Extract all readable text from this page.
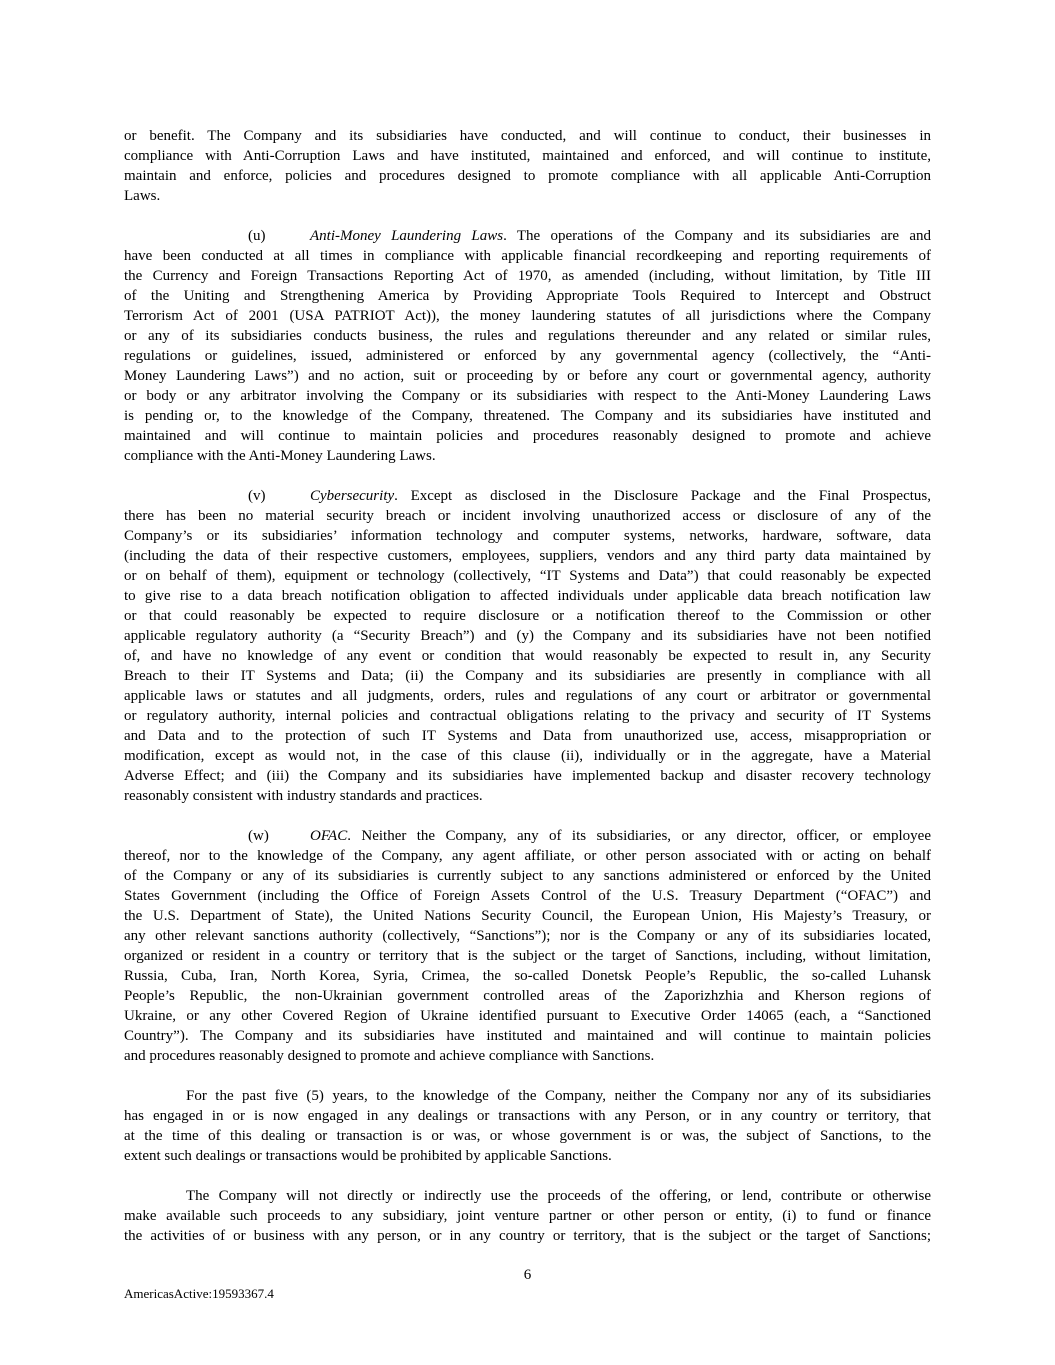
or benefit. The Company and its subsidiaries have conducted, and will continue to conduct, their businesses in
compliance with Anti-Corruption Laws and have instituted, maintained and enforced, and will continue to institute,
maintain and enforce, policies and procedures designed to promote compliance with all applicable Anti-Corruption
Laws.
(u)	Anti-Money Laundering Laws. The operations of the Company and its subsidiaries are and
have been conducted at all times in compliance with applicable financial recordkeeping and reporting requirements of
the Currency and Foreign Transactions Reporting Act of 1970, as amended (including, without limitation, by Title III
of the Uniting and Strengthening America by Providing Appropriate Tools Required to Intercept and Obstruct
Terrorism Act of 2001 (USA PATRIOT Act)), the money laundering statutes of all jurisdictions where the Company
or any of its subsidiaries conducts business, the rules and regulations thereunder and any related or similar rules,
regulations or guidelines, issued, administered or enforced by any governmental agency (collectively, the “Anti-
Money Laundering Laws”) and no action, suit or proceeding by or before any court or governmental agency, authority
or body or any arbitrator involving the Company or its subsidiaries with respect to the Anti-Money Laundering Laws
is pending or, to the knowledge of the Company, threatened. The Company and its subsidiaries have instituted and
maintained and will continue to maintain policies and procedures reasonably designed to promote and achieve
compliance with the Anti-Money Laundering Laws.
(v)	Cybersecurity. Except as disclosed in the Disclosure Package and the Final Prospectus,
there has been no material security breach or incident involving unauthorized access or disclosure of any of the
Company’s or its subsidiaries’ information technology and computer systems, networks, hardware, software, data
(including the data of their respective customers, employees, suppliers, vendors and any third party data maintained by
or on behalf of them), equipment or technology (collectively, “IT Systems and Data”) that could reasonably be expected
to give rise to a data breach notification obligation to affected individuals under applicable data breach notification law
or that could reasonably be expected to require disclosure or a notification thereof to the Commission or other
applicable regulatory authority (a “Security Breach”) and (y) the Company and its subsidiaries have not been notified
of, and have no knowledge of any event or condition that would reasonably be expected to result in, any Security
Breach to their IT Systems and Data; (ii) the Company and its subsidiaries are presently in compliance with all
applicable laws or statutes and all judgments, orders, rules and regulations of any court or arbitrator or governmental
or regulatory authority, internal policies and contractual obligations relating to the privacy and security of IT Systems
and Data and to the protection of such IT Systems and Data from unauthorized use, access, misappropriation or
modification, except as would not, in the case of this clause (ii), individually or in the aggregate, have a Material
Adverse Effect; and (iii) the Company and its subsidiaries have implemented backup and disaster recovery technology
reasonably consistent with industry standards and practices.
(w)	OFAC. Neither the Company, any of its subsidiaries, or any director, officer, or employee
thereof, nor to the knowledge of the Company, any agent affiliate, or other person associated with or acting on behalf
of the Company or any of its subsidiaries is currently subject to any sanctions administered or enforced by the United
States Government (including the Office of Foreign Assets Control of the U.S. Treasury Department (“OFAC”) and
the U.S. Department of State), the United Nations Security Council, the European Union, His Majesty’s Treasury, or
any other relevant sanctions authority (collectively, “Sanctions”); nor is the Company or any of its subsidiaries located,
organized or resident in a country or territory that is the subject or the target of Sanctions, including, without limitation,
Russia, Cuba, Iran, North Korea, Syria, Crimea, the so-called Donetsk People’s Republic, the so-called Luhansk
People’s Republic, the non-Ukrainian government controlled areas of the Zaporizhzhia and Kherson regions of
Ukraine, or any other Covered Region of Ukraine identified pursuant to Executive Order 14065 (each, a “Sanctioned
Country”). The Company and its subsidiaries have instituted and maintained and will continue to maintain policies
and procedures reasonably designed to promote and achieve compliance with Sanctions.
For the past five (5) years, to the knowledge of the Company, neither the Company nor any of its subsidiaries
has engaged in or is now engaged in any dealings or transactions with any Person, or in any country or territory, that
at the time of this dealing or transaction is or was, or whose government is or was, the subject of Sanctions, to the
extent such dealings or transactions would be prohibited by applicable Sanctions.
The Company will not directly or indirectly use the proceeds of the offering, or lend, contribute or otherwise
make available such proceeds to any subsidiary, joint venture partner or other person or entity, (i) to fund or finance
the activities of or business with any person, or in any country or territory, that is the subject or the target of Sanctions;
6
AmericasActive:19593367.4
